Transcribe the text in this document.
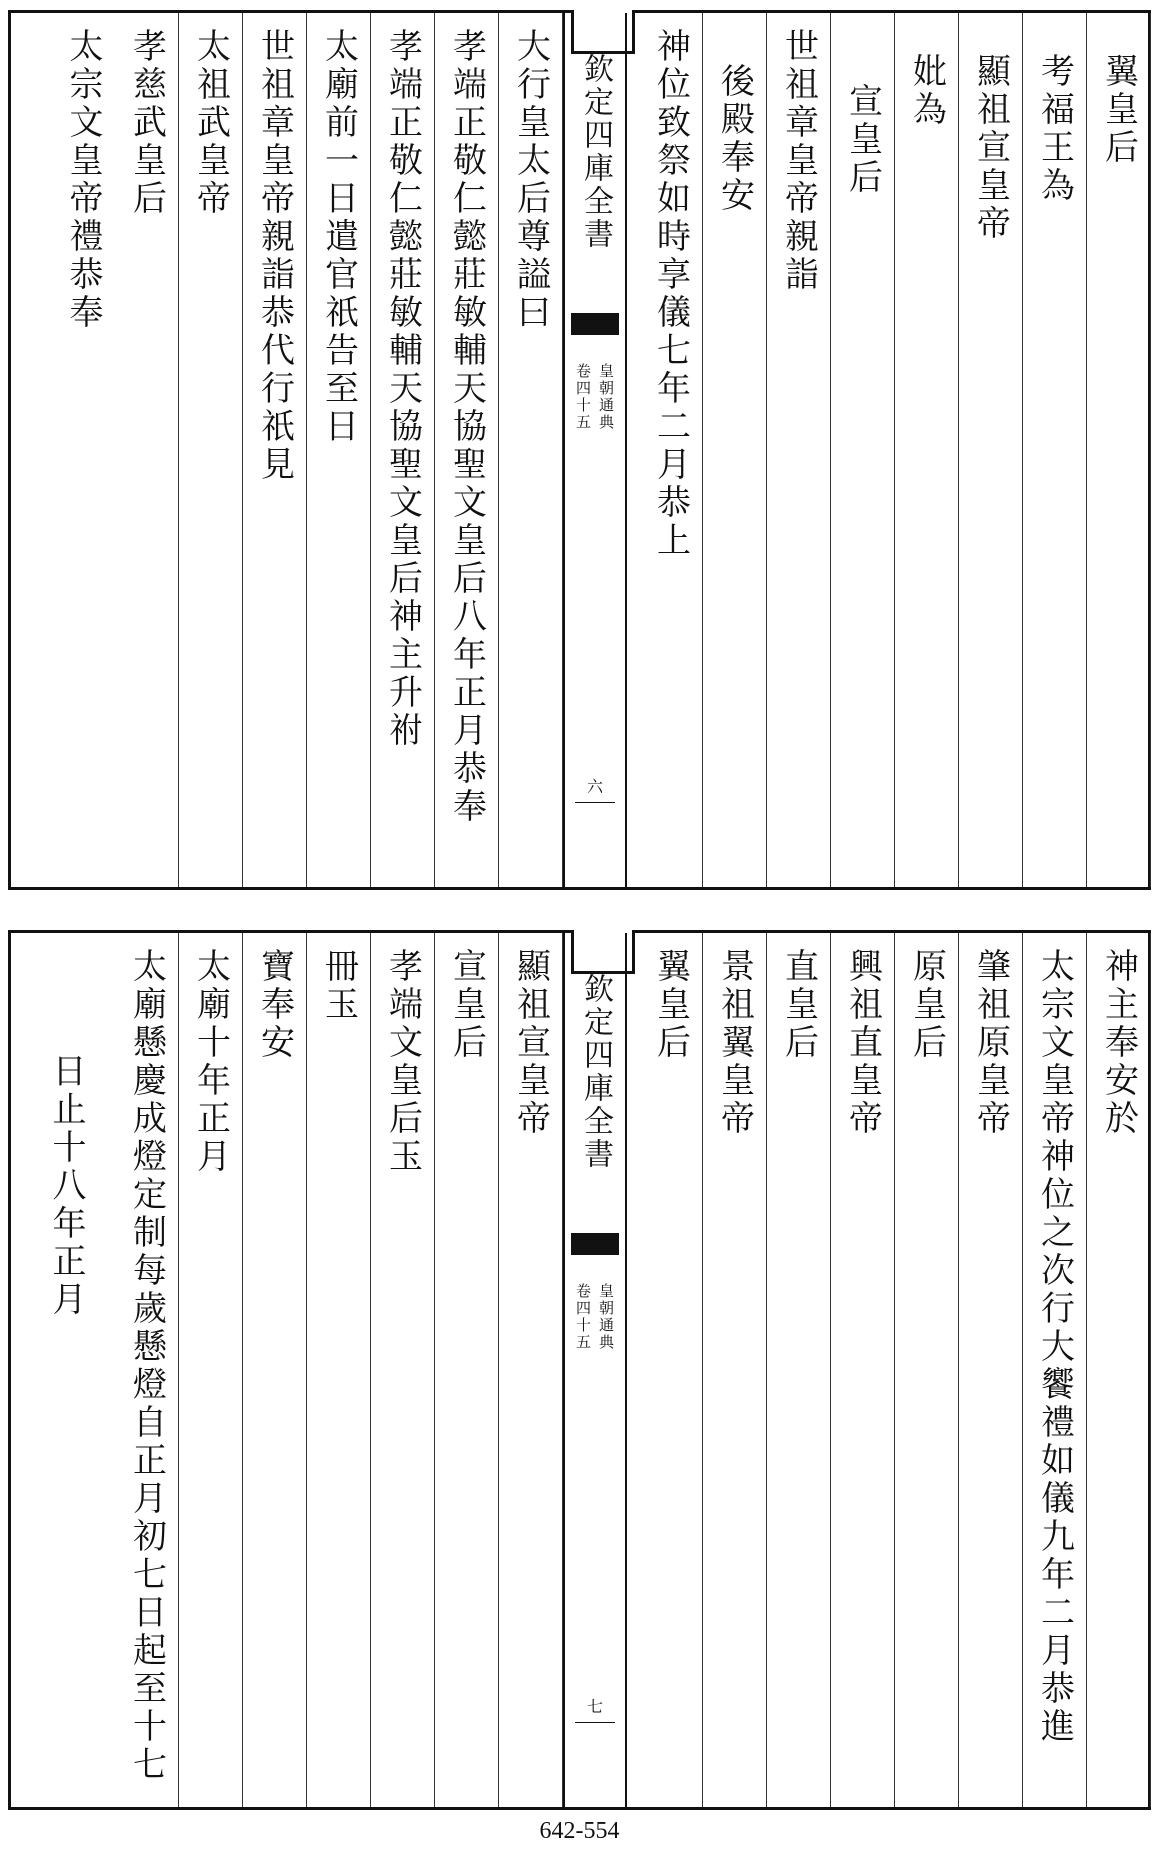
翼皇后
考福王為
顯祖宣皇帝
妣為
宣皇后
世祖章皇帝親詣
後殿奉安
神位致祭如時享儀七年二月恭上
欽定四庫全書
皇朝通典
卷四十五
六
大行皇太后尊謚曰
孝端正敬仁懿莊敏輔天協聖文皇后八年正月恭奉
孝端正敬仁懿莊敏輔天協聖文皇后神主升祔
太廟前一日遣官祇告至日
世祖章皇帝親詣恭代行祇見
太祖武皇帝
孝慈武皇后
太宗文皇帝禮恭奉
神主奉安於
太宗文皇帝神位之次行大饗禮如儀九年二月恭進
肇祖原皇帝
原皇后
興祖直皇帝
直皇后
景祖翼皇帝
翼皇后
欽定四庫全書
皇朝通典
卷四十五
七
顯祖宣皇帝
宣皇后
孝端文皇后玉
冊玉
寶奉安
太廟十年正月
太廟懸慶成燈定制每歲懸燈自正月初七日起至十七
日止十八年正月
642-554
